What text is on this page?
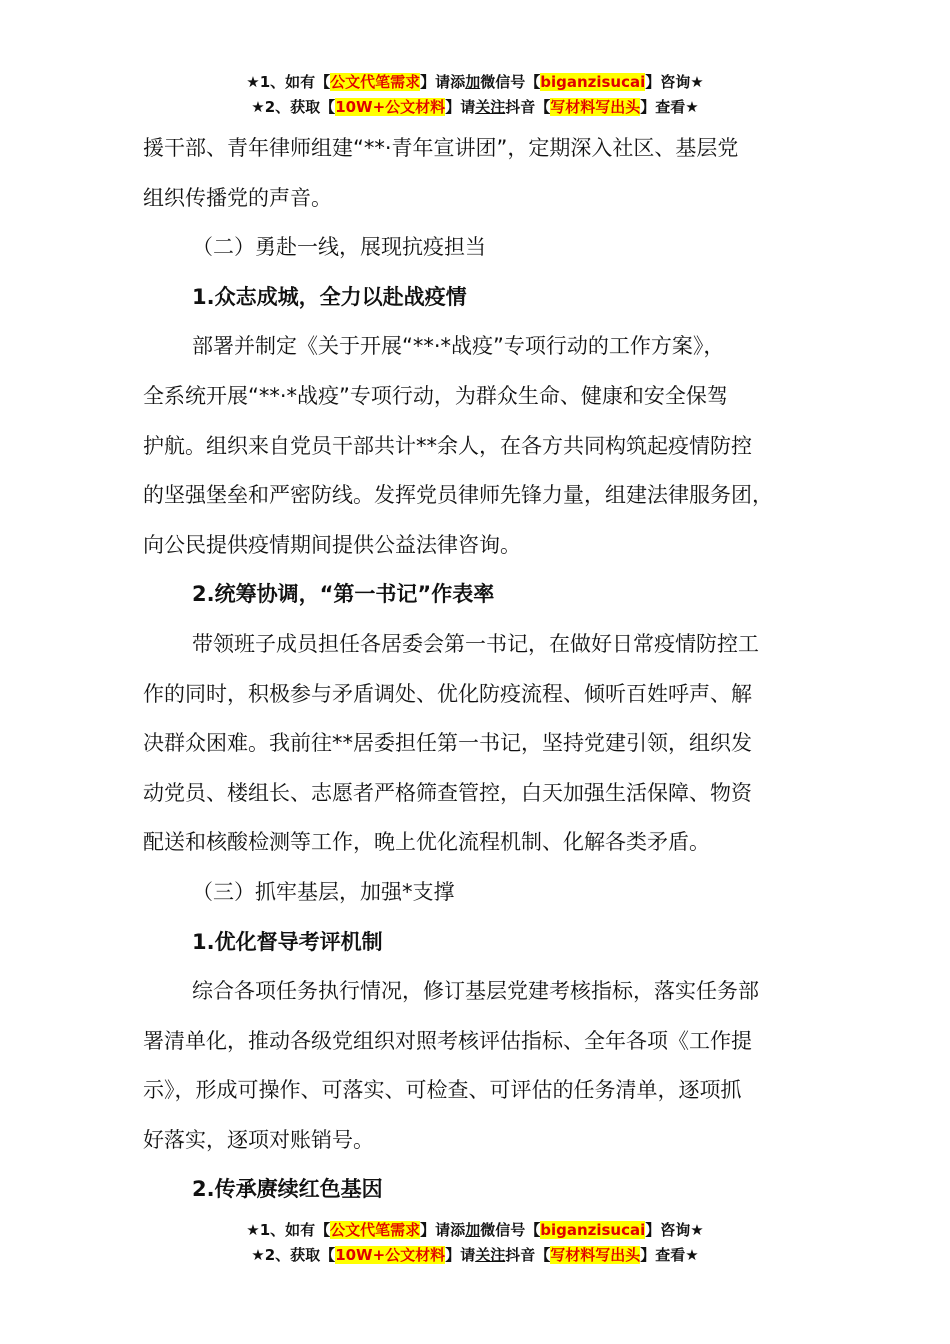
★1、如有【公文代笔需求】请添加微信号【biganzisucai】咨询★
★2、获取【10W+公文材料】请关注抖音【写材料写出头】查看★

援干部、青年律师组建“**·青年宣讲团”，定期深入社区、基层党

组织传播党的声音。

（二）勇赴一线，展现抗疫担当

1.众志成城，全力以赴战疫情

部署并制定《关于开展“**·*战疫”专项行动的工作方案》，

全系统开展“**·*战疫”专项行动，为群众生命、健康和安全保驾

护航。组织来自党员干部共计**余人，在各方共同构筑起疫情防控

的坚强堡垒和严密防线。发挥党员律师先锋力量，组建法律服务团，

向公民提供疫情期间提供公益法律咨询。

2.统筹协调，“第一书记”作表率

带领班子成员担任各居委会第一书记，在做好日常疫情防控工

作的同时，积极参与矛盾调处、优化防疫流程、倾听百姓呼声、解

决群众困难。我前往**居委担任第一书记，坚持党建引领，组织发

动党员、楼组长、志愿者严格筛查管控，白天加强生活保障、物资

配送和核酸检测等工作，晚上优化流程机制、化解各类矛盾。

（三）抓牢基层，加强*支撑

1.优化督导考评机制

综合各项任务执行情况，修订基层党建考核指标，落实任务部

署清单化，推动各级党组织对照考核评估指标、全年各项《工作提

示》，形成可操作、可落实、可检查、可评估的任务清单，逐项抓

好落实，逐项对账销号。

2.传承赓续红色基因

★1、如有【公文代笔需求】请添加微信号【biganzisucai】咨询★
★2、获取【10W+公文材料】请关注抖音【写材料写出头】查看★
